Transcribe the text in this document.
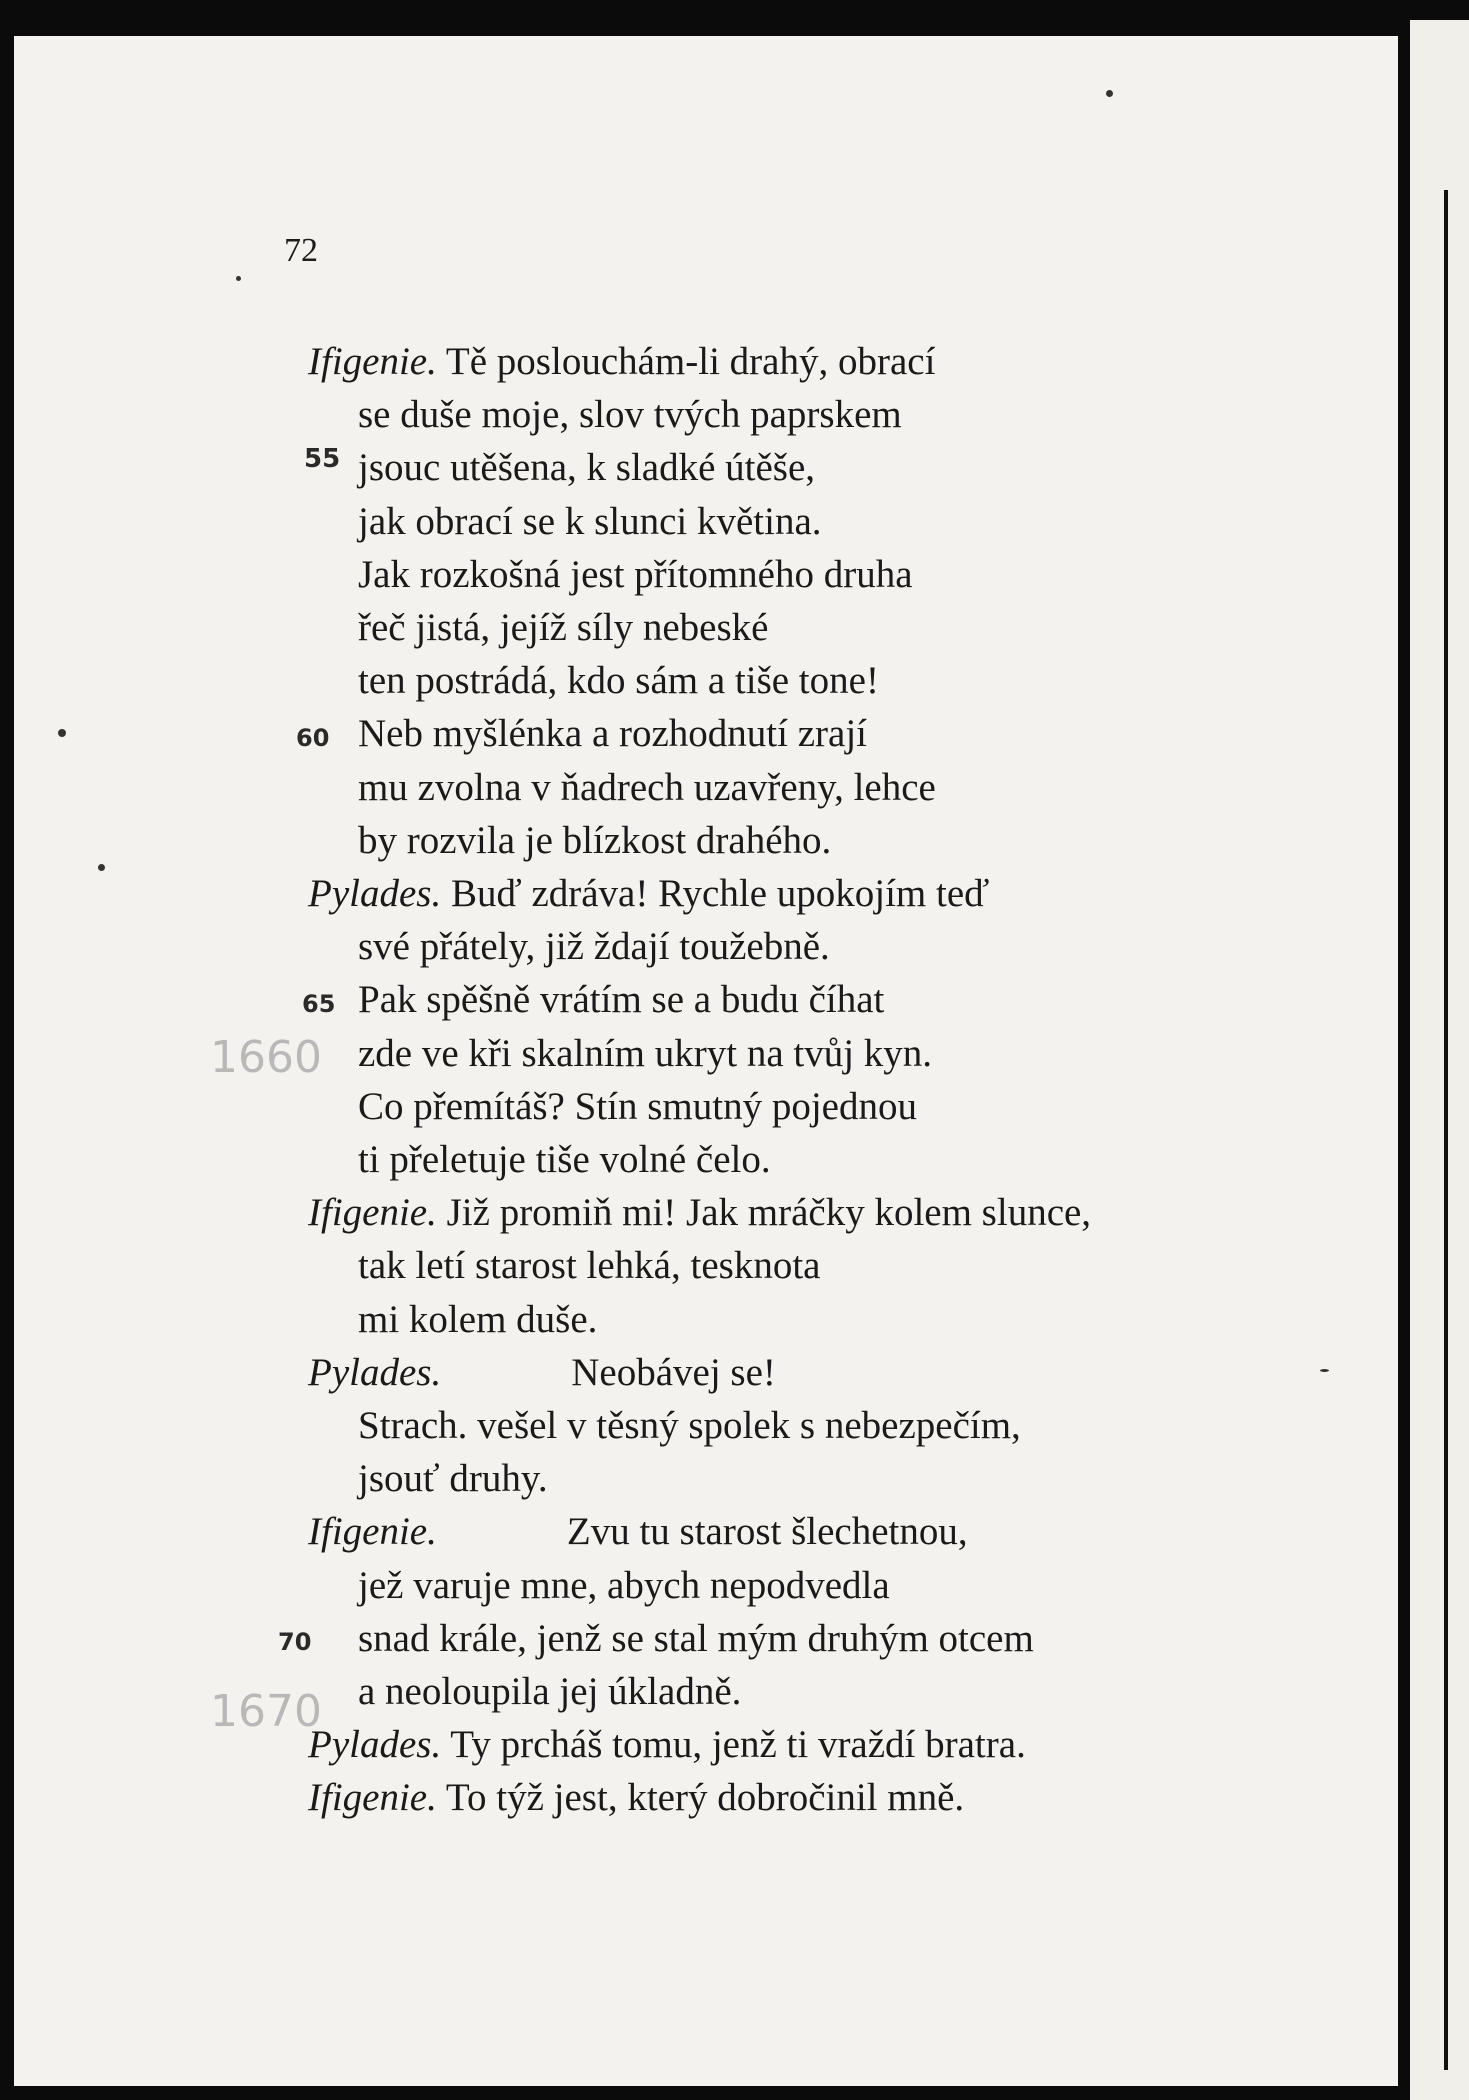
72
Ifigenie. Tě poslouchám-li drahý, obrací
se duše moje, slov tvých paprskem
jsouc utěšena, k sladké útěše,
jak obrací se k slunci květina.
Jak rozkošná jest přítomného druha
řeč jistá, jejíž síly nebeské
ten postrádá, kdo sám a tiše tone!
Neb myšlénka a rozhodnutí zrají
mu zvolna v ňadrech uzavřeny, lehce
by rozvila je blízkost drahého.
Pylades. Buď zdráva! Rychle upokojím teď
své přátely, již ždají toužebně.
Pak spěšně vrátím se a budu číhat
zde ve kři skalním ukryt na tvůj kyn.
Co přemítáš? Stín smutný pojednou
ti přeletuje tiše volné čelo.
Ifigenie. Již promiň mi! Jak mráčky kolem slunce,
tak letí starost lehká, tesknota
mi kolem duše.
Pylades.	Neobávej se!
Strach. vešel v těsný spolek s nebezpečím,
jsouť druhy.
Ifigenie.	Zvu tu starost šlechetnou,
jež varuje mne, abych nepodvedla
snad krále, jenž se stal mým druhým otcem
a neoloupila jej úkladně.
Pylades. Ty prcháš tomu, jenž ti vraždí bratra.
Ifigenie. To týž jest, který dobročinil mně.
55
60
65
1660
70
1670
